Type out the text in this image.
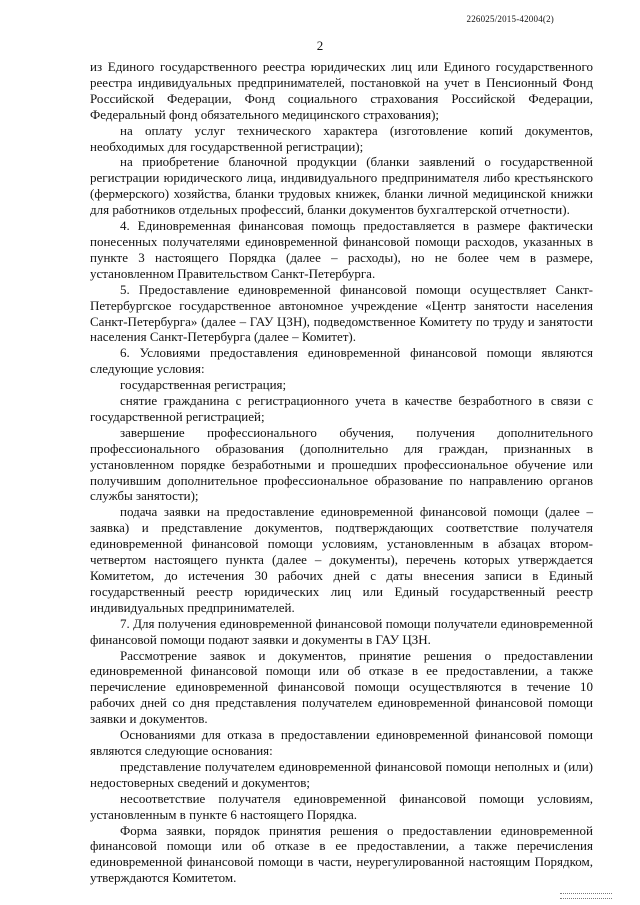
226025/2015-42004(2)
2

из Единого государственного реестра юридических лиц или Единого государственного реестра индивидуальных предпринимателей, постановкой на учет в Пенсионный Фонд Российской Федерации, Фонд социального страхования Российской Федерации, Федеральный фонд обязательного медицинского страхования);

на оплату услуг технического характера (изготовление копий документов, необходимых для государственной регистрации);

на приобретение бланочной продукции (бланки заявлений о государственной регистрации юридического лица, индивидуального предпринимателя либо крестьянского (фермерского) хозяйства, бланки трудовых книжек, бланки личной медицинской книжки для работников отдельных профессий, бланки документов бухгалтерской отчетности).

4. Единовременная финансовая помощь предоставляется в размере фактически понесенных получателями единовременной финансовой помощи расходов, указанных в пункте 3 настоящего Порядка (далее – расходы), но не более чем в размере, установленном Правительством Санкт-Петербурга.

5. Предоставление единовременной финансовой помощи осуществляет Санкт-Петербургское государственное автономное учреждение «Центр занятости населения Санкт-Петербурга» (далее – ГАУ ЦЗН), подведомственное Комитету по труду и занятости населения Санкт-Петербурга (далее – Комитет).

6. Условиями предоставления единовременной финансовой помощи являются следующие условия:

государственная регистрация;

снятие гражданина с регистрационного учета в качестве безработного в связи с государственной регистрацией;

завершение профессионального обучения, получения дополнительного профессионального образования (дополнительно для граждан, признанных в установленном порядке безработными и прошедших профессиональное обучение или получившим дополнительное профессиональное образование по направлению органов службы занятости);

подача заявки на предоставление единовременной финансовой помощи (далее – заявка) и представление документов, подтверждающих соответствие получателя единовременной финансовой помощи условиям, установленным в абзацах втором-четвертом настоящего пункта (далее – документы), перечень которых утверждается Комитетом, до истечения 30 рабочих дней с даты внесения записи в Единый государственный реестр юридических лиц или Единый государственный реестр индивидуальных предпринимателей.

7. Для получения единовременной финансовой помощи получатели единовременной финансовой помощи подают заявки и документы в ГАУ ЦЗН.

Рассмотрение заявок и документов, принятие решения о предоставлении единовременной финансовой помощи или об отказе в ее предоставлении, а также перечисление единовременной финансовой помощи осуществляются в течение 10 рабочих дней со дня представления получателем единовременной финансовой помощи заявки и документов.

Основаниями для отказа в предоставлении единовременной финансовой помощи являются следующие основания:

представление получателем единовременной финансовой помощи неполных и (или) недостоверных сведений и документов;

несоответствие получателя единовременной финансовой помощи условиям, установленным в пункте 6 настоящего Порядка.

Форма заявки, порядок принятия решения о предоставлении единовременной финансовой помощи или об отказе в ее предоставлении, а также перечисления единовременной финансовой помощи в части, неурегулированной настоящим Порядком, утверждаются Комитетом.
